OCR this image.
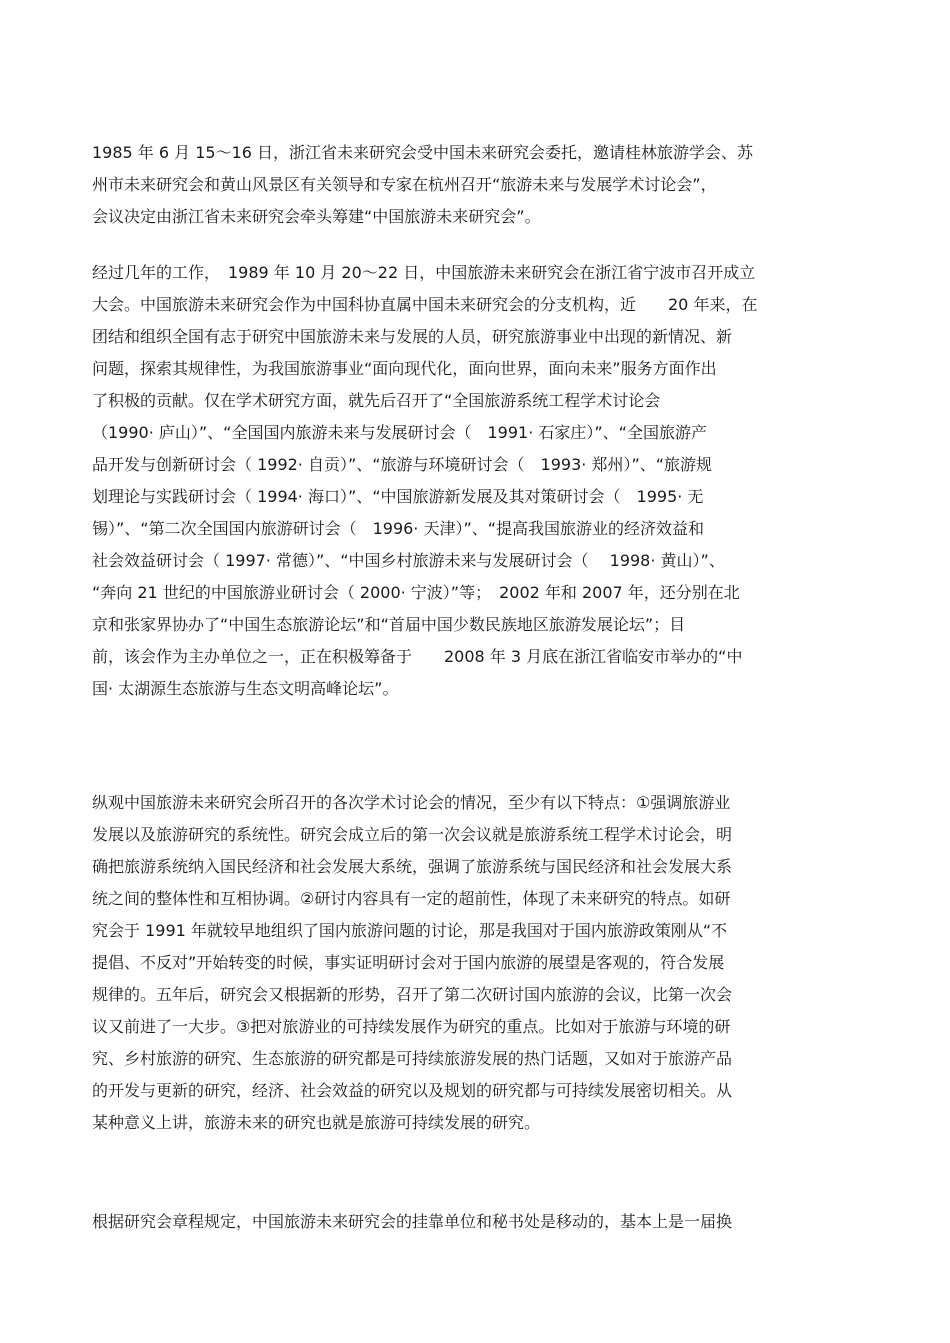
1985 年 6 月 15～16 日，浙江省未来研究会受中国未来研究会委托，邀请桂林旅游学会、苏
州市未来研究会和黄山风景区有关领导和专家在杭州召开“旅游未来与发展学术讨论会”，
会议决定由浙江省未来研究会牵头筹建“中国旅游未来研究会”。
经过几年的工作，　1989 年 10 月 20～22 日，中国旅游未来研究会在浙江省宁波市召开成立
大会。中国旅游未来研究会作为中国科协直属中国未来研究会的分支机构，近　　20 年来，在
团结和组织全国有志于研究中国旅游未来与发展的人员，研究旅游事业中出现的新情况、新
问题，探索其规律性，为我国旅游事业“面向现代化，面向世界，面向未来”服务方面作出
了积极的贡献。仅在学术研究方面，就先后召开了“全国旅游系统工程学术讨论会
（1990· 庐山）”、“全国国内旅游未来与发展研讨会（　1991· 石家庄）”、“全国旅游产
品开发与创新研讨会（ 1992· 自贡）”、“旅游与环境研讨会（　1993· 郑州）”、“旅游规
划理论与实践研讨会（ 1994· 海口）”、“中国旅游新发展及其对策研讨会（　1995· 无
锡）”、“第二次全国国内旅游研讨会（　1996· 天津）”、“提高我国旅游业的经济效益和
社会效益研讨会（ 1997· 常德）”、“中国乡村旅游未来与发展研讨会（　 1998· 黄山）”、
“奔向 21 世纪的中国旅游业研讨会（ 2000· 宁波）”等；　2002 年和 2007 年，还分别在北
京和张家界协办了“中国生态旅游论坛”和“首届中国少数民族地区旅游发展论坛”；目
前，该会作为主办单位之一，正在积极筹备于　　2008 年 3 月底在浙江省临安市举办的“中
国· 太湖源生态旅游与生态文明高峰论坛”。
纵观中国旅游未来研究会所召开的各次学术讨论会的情况，至少有以下特点：①强调旅游业
发展以及旅游研究的系统性。研究会成立后的第一次会议就是旅游系统工程学术讨论会，明
确把旅游系统纳入国民经济和社会发展大系统，强调了旅游系统与国民经济和社会发展大系
统之间的整体性和互相协调。②研讨内容具有一定的超前性，体现了未来研究的特点。如研
究会于 1991 年就较早地组织了国内旅游问题的讨论，那是我国对于国内旅游政策刚从“不
提倡、不反对”开始转变的时候，事实证明研讨会对于国内旅游的展望是客观的，符合发展
规律的。五年后，研究会又根据新的形势，召开了第二次研讨国内旅游的会议，比第一次会
议又前进了一大步。③把对旅游业的可持续发展作为研究的重点。比如对于旅游与环境的研
究、乡村旅游的研究、生态旅游的研究都是可持续旅游发展的热门话题，又如对于旅游产品
的开发与更新的研究，经济、社会效益的研究以及规划的研究都与可持续发展密切相关。从
某种意义上讲，旅游未来的研究也就是旅游可持续发展的研究。
根据研究会章程规定，中国旅游未来研究会的挂靠单位和秘书处是移动的，基本上是一届换
